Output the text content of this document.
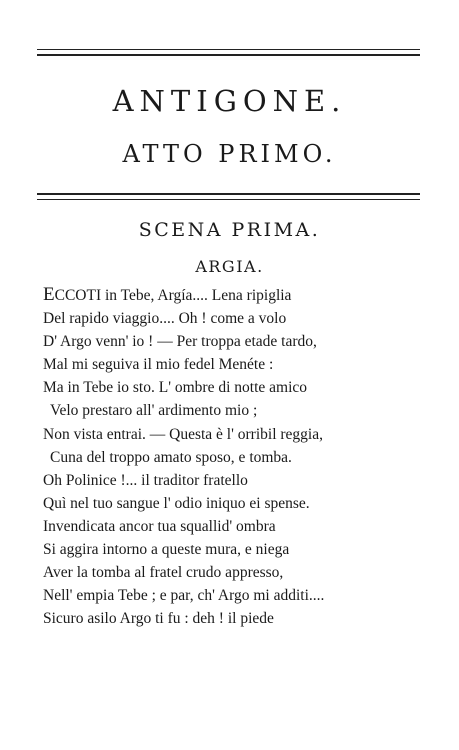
ANTIGONE.
ATTO PRIMO.
SCENA PRIMA.
ARGIA.
ECCOTI in Tebe, Argía.... Lena ripiglia
Del rapido viaggio.... Oh ! come a volo
D' Argo venn' io ! — Per troppa etade tardo,
Mal mi seguiva il mio fedel Menéte :
Ma in Tebe io sto. L' ombre di notte amico
Velo prestaro all' ardimento mio ;
Non vista entrai. — Questa è l' orribil reggia,
Cuna del troppo amato sposo, e tomba.
Oh Polinice !... il traditor fratello
Quì nel tuo sangue l' odio iniquo ei spense.
Invendicata ancor tua squallid' ombra
Si aggira intorno a queste mura, e niega
Aver la tomba al fratel crudo appresso,
Nell' empia Tebe ; e par, ch' Argo mi additi....
Sicuro asilo Argo ti fu : deh ! il piede
